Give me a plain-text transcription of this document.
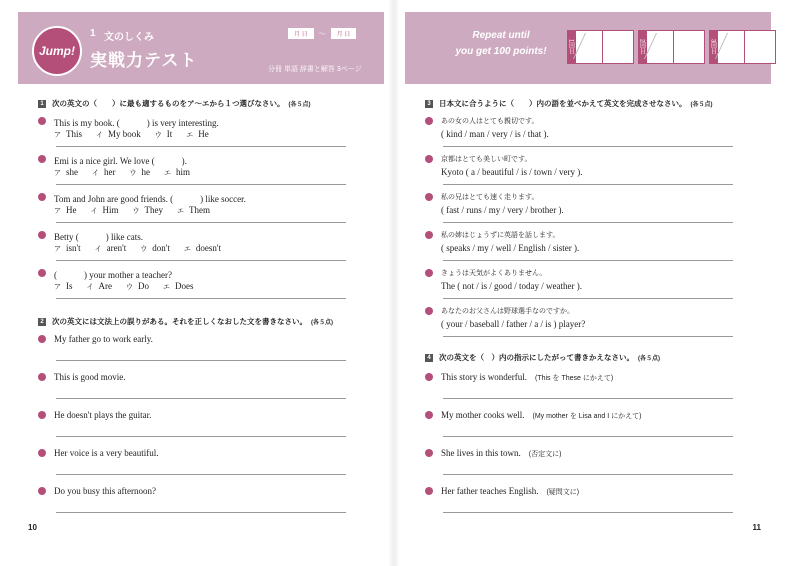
Jump!
1 文のしくみ
実戦力テスト
月 日	～	月 日
分冊 単語 辞書と解答 3ページ
1	次の英文の（　　）に最も適するものをア～エから１つ選びなさい。 (各５点)
This is my book. (　　　) is very interesting.
ア This イ My book ウ It エ He
Emi is a nice girl. We love (　　　).
ア she イ her ウ he エ him
Tom and John are good friends. (　　　) like soccer.
ア He イ Him ウ They エ Them
Betty (　　　) like cats.
ア isn't イ aren't ウ don't エ doesn't
(　　　) your mother a teacher?
ア Is イ Are ウ Do エ Does
2	次の英文には文法上の誤りがある。それを正しくなおした文を書きなさい。 (各５点)
My father go to work early.
This is good movie.
He doesn't plays the guitar.
Her voice is a very beautiful.
Do you busy this afternoon?
10
Repeat until
you get 100 points!	1回目	2回目	3回目
3	日本文に合うように（　　）内の語を並べかえて英文を完成させなさい。 (各５点)
あの女の人はとても親切です。
( kind / man / very / is / that ).
京都はとても美しい町です。
Kyoto ( a / beautiful / is / town / very ).
私の兄はとても速く走ります。
( fast / runs / my / very / brother ).
私の姉はじょうずに英語を話します。
( speaks / my / well / English / sister ).
きょうは天気がよくありません。
The ( not / is / good / today / weather ).
あなたのお父さんは野球選手なのですか。
( your / baseball / father / a / is ) player?
4	次の英文を（　）内の指示にしたがって書きかえなさい。 (各５点)
This story is wonderful. (This を These にかえて)
My mother cooks well. (My mother を Lisa and I にかえて)
She lives in this town. (否定文に)
Her father teaches English. (疑問文に)
11
